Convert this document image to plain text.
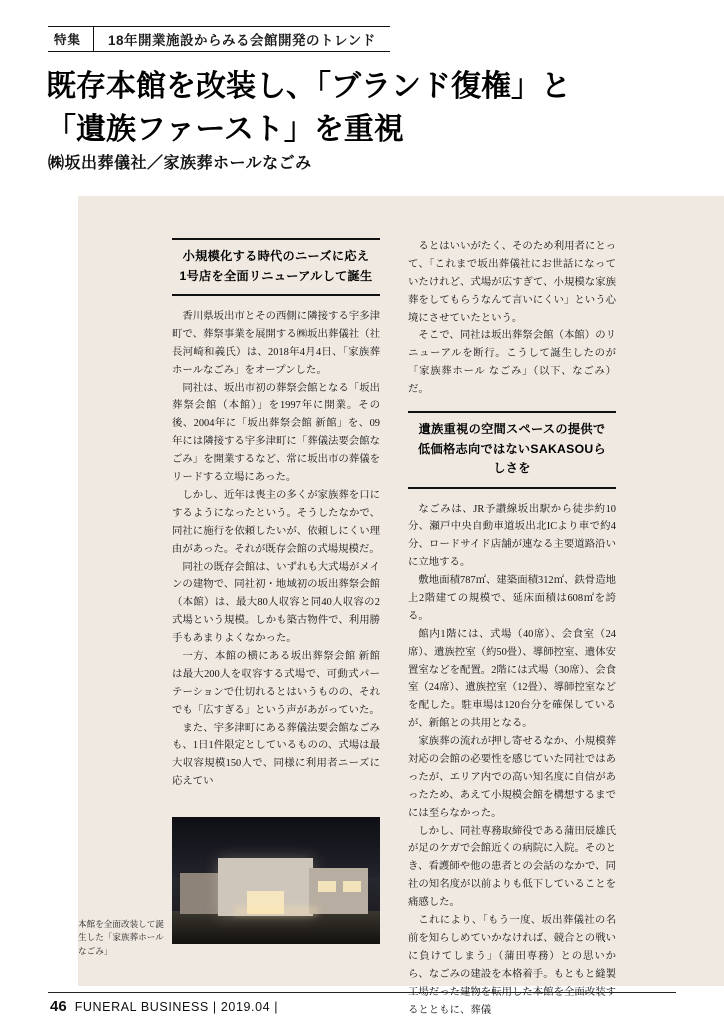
特集	18年開業施設からみる会館開発のトレンド
既存本館を改装し、「ブランド復権」と
「遺族ファースト」を重視
㈱坂出葬儀社／家族葬ホールなごみ
小規模化する時代のニーズに応え
1号店を全面リニューアルして誕生

香川県坂出市とその西側に隣接する宇多津町で、葬祭事業を展開する㈱坂出葬儀社（社長河崎和義氏）は、2018年4月4日、「家族葬ホールなごみ」をオープンした。

同社は、坂出市初の葬祭会館となる「坂出葬祭会館（本館）」を1997年に開業。その後、2004年に「坂出葬祭会館 新館」を、09年には隣接する宇多津町に「葬儀法要会館なごみ」を開業するなど、常に坂出市の葬儀をリードする立場にあった。

しかし、近年は喪主の多くが家族葬を口にするようになったという。そうしたなかで、同社に施行を依頼したいが、依頼しにくい理由があった。それが既存会館の式場規模だ。

同社の既存会館は、いずれも大式場がメインの建物で、同社初・地域初の坂出葬祭会館（本館）は、最大80人収容と同40人収容の2式場という規模。しかも築古物件で、利用勝手もあまりよくなかった。

一方、本館の横にある坂出葬祭会館 新館は最大200人を収容する式場で、可動式パーテーションで仕切れるとはいうものの、それでも「広すぎる」という声があがっていた。

また、宇多津町にある葬儀法要会館なごみも、1日1件限定としているものの、式場は最大収容規模150人で、同様に利用者ニーズに応えてい

るとはいいがたく、そのため利用者にとって、「これまで坂出葬儀社にお世話になっていたけれど、式場が広すぎて、小規模な家族葬をしてもらうなんて言いにくい」という心境にさせていたという。

そこで、同社は坂出葬祭会館（本館）のリニューアルを断行。こうして誕生したのが「家族葬ホール なごみ」（以下、なごみ）だ。

遺族重視の空間スペースの提供で
低価格志向ではないSAKASOUらしさを

なごみは、JR予讃線坂出駅から徒歩約10分、瀬戸中央自動車道坂出北ICより車で約4分、ロードサイド店舗が連なる主要道路沿いに立地する。

敷地面積787㎡、建築面積312㎡、鉄骨造地上2階建ての規模で、延床面積は608㎡を誇る。

館内1階には、式場（40席）、会食室（24席）、遺族控室（約50畳）、導師控室、遺体安置室などを配置。2階には式場（30席）、会食室（24席）、遺族控室（12畳）、導師控室などを配した。駐車場は120台分を確保しているが、新館との共用となる。

家族葬の流れが押し寄せるなか、小規模葬対応の会館の必要性を感じていた同社ではあったが、エリア内での高い知名度に自信があったため、あえて小規模会館を構想するまでには至らなかった。

しかし、同社専務取締役である蒲田辰雄氏が足のケガで会館近くの病院に入院。そのとき、看護師や他の患者との会話のなかで、同社の知名度が以前よりも低下していることを痛感した。

これにより、「もう一度、坂出葬儀社の名前を知らしめていかなければ、競合との戦いに負けてしまう」（蒲田専務）との思いから、なごみの建設を本格着手。もともと縫製工場だった建物を転用した本館を全面改装するとともに、葬儀

本館を全面改装して誕生した「家族葬ホールなごみ」
46 FUNERAL BUSINESS | 2019.04 |
